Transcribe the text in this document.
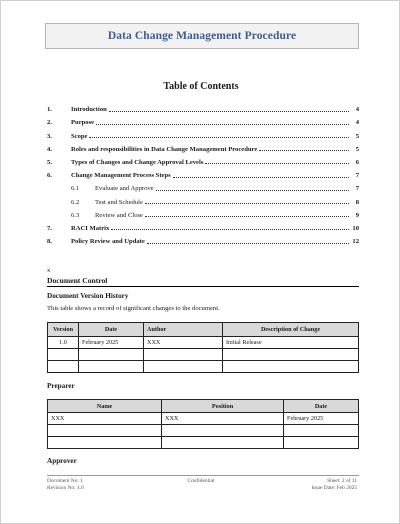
Data Change Management Procedure
Table of Contents
1.	Introduction	4
2.	Purpose	4
3.	Scope	5
4.	Roles and responsibilities in Data Change Management Procedure	5
5.	Types of Changes and Change Approval Levels	6
6.	Change Management Process Steps	7
6.1	Evaluate and Approve	7
6.2	Test and Schedule	8
6.3	Review and Close	9
7.	RACI Matrix	10
8.	Policy Review and Update	12
x
Document Control
Document Version History
This table shows a record of significant changes to the document.
Version	Date	Author	Description of Change
1.0	February 2025	XXX	Initial Release

Preparer
Name	Position	Date
XXX	XXX	February 2025

Approver
Document No: 1
Revision No: 1.0
Confidential	Sheet: 2 of 11
Issue Date: Feb 2025
